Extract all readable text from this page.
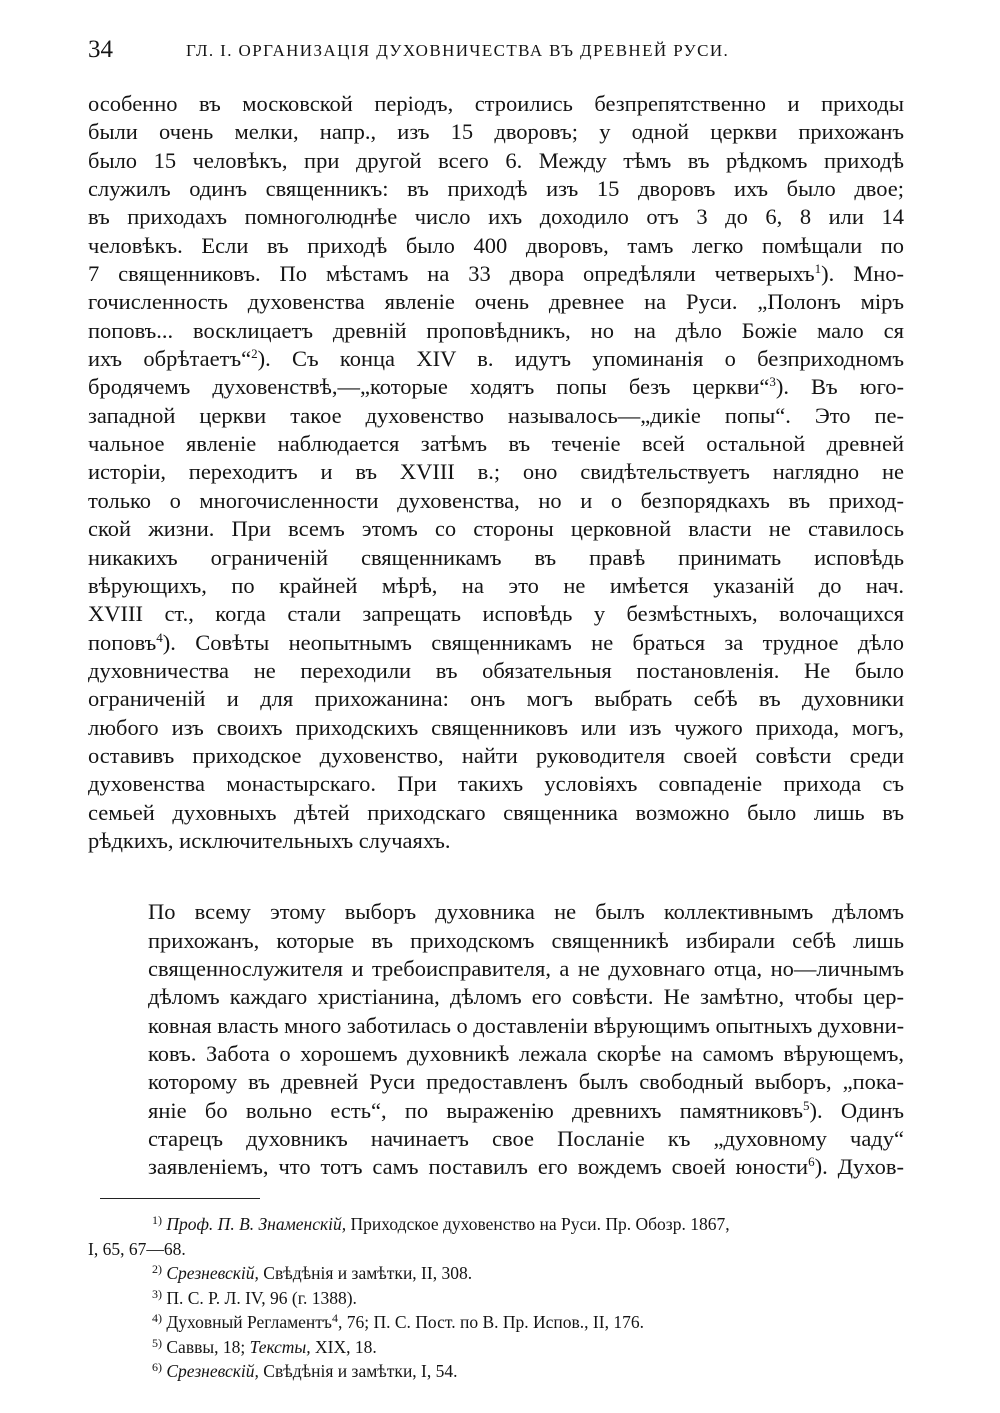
34	ГЛ. I. ОРГАНИЗАЦІЯ ДУХОВНИЧЕСТВА ВЪ ДРЕВНЕЙ РУСИ.

особенно въ московской періодъ, строились безпрепятственно и приходы
были очень мелки, напр., изъ 15 дворовъ; у одной церкви прихожанъ
было 15 человѣкъ, при другой всего 6. Между тѣмъ въ рѣдкомъ приходѣ
служилъ одинъ священникъ: въ приходѣ изъ 15 дворовъ ихъ было двое;
въ приходахъ помноголюднѣе число ихъ доходило отъ 3 до 6, 8 или 14
человѣкъ. Если въ приходѣ было 400 дворовъ, тамъ легко помѣщали по
7 священниковъ. По мѣстамъ на 33 двора опредѣляли четверыхъ$^1$). Мно-
гочисленность духовенства явленіе очень древнее на Руси. „Полонъ міръ
поповъ... восклицаетъ древній проповѣдникъ, но на дѣло Божіе мало ся
ихъ обрѣтаетъ“$^2$). Съ конца XIV в. идутъ упоминанія о безприходномъ
бродячемъ духовенствѣ,—„которые ходятъ попы безъ церкви“$^3$). Въ юго-
западной церкви такое духовенство называлось—„дикіе попы“. Это пе-
чальное явленіе наблюдается затѣмъ въ теченіе всей остальной древней
исторіи, переходитъ и въ XVIII в.; оно свидѣтельствуетъ наглядно не
только о многочисленности духовенства, но и о безпорядкахъ въ приход-
ской жизни. При всемъ этомъ со стороны церковной власти не ставилось
никакихъ ограниченій священникамъ въ правѣ принимать исповѣдь
вѣрующихъ, по крайней мѣрѣ, на это не имѣется указаній до нач.
XVIII ст., когда стали запрещать исповѣдь у безмѣстныхъ, волочащихся
поповъ$^4$). Совѣты неопытнымъ священникамъ не браться за трудное дѣло
духовничества не переходили въ обязательныя постановленія. Не было
ограниченій и для прихожанина: онъ могъ выбрать себѣ въ духовники
любого изъ своихъ приходскихъ священниковъ или изъ чужого прихода, могъ,
оставивъ приходское духовенство, найти руководителя своей совѣсти среди
духовенства монастырскаго. При такихъ условіяхъ совпаденіе прихода съ
семьей духовныхъ дѣтей приходскаго священника возможно было лишь въ
рѣдкихъ, исключительныхъ случаяхъ.

По всему этому выборъ духовника не былъ коллективнымъ дѣломъ
прихожанъ, которые въ приходскомъ священникѣ избирали себѣ лишь
священнослужителя и требоисправителя, а не духовнаго отца, но—личнымъ
дѣломъ каждаго христіанина, дѣломъ его совѣсти. Не замѣтно, чтобы цер-
ковная власть много заботилась о доставленіи вѣрующимъ опытныхъ духовни-
ковъ. Забота о хорошемъ духовникѣ лежала скорѣе на самомъ вѣрующемъ,
которому въ древней Руси предоставленъ былъ свободный выборъ, „пока-
яніе бо вольно есть“, по выраженію древнихъ памятниковъ$^5$). Одинъ
старецъ духовникъ начинаетъ свое Посланіе къ „духовному чаду“
заявленіемъ, что тотъ самъ поставилъ его вождемъ своей юности$^6$). Духов-

$^{1)}$ Проф. П. В. Знаменскій, Приходское духовенство на Руси. Пр. Обозр. 1867,
I, 65, 67—68.

$^{2)}$ Срезневскій, Свѣдѣнія и замѣтки, II, 308.

$^{3)}$ П. С. Р. Л. IV, 96 (г. 1388).

$^{4)}$ Духовный Регламентъ$^4$, 76; П. С. Пост. по В. Пр. Испов., II, 176.

$^{5)}$ Саввы, 18; Тексты, XIX, 18.

$^{6)}$ Срезневскій, Свѣдѣнія и замѣтки, I, 54.
